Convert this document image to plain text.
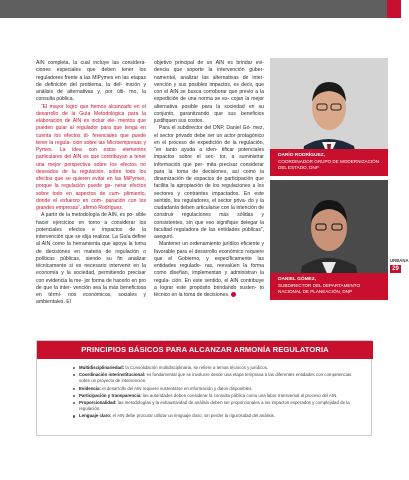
AIN completa, la cual incluye las considera- ciones especiales que deben tener los reguladores frente a las MiPymes en las etapas de definición del problema, la def- inición y análisis de alternativas y, por últi- mo, la consulta pública.

“El mayor logro que hemos alcanzado en el desarrollo de la Guía Metodológica para la elaboración de AIN es incluir ele- mentos que pueden guiar al regulador para que tenga en cuenta los efectos di- ferenciales que puede tener la regula- ción sobre las Microempresas y Pymes. La idea con estos elementos particulares del AIN es que contribuyan a tener una mejor perspectiva sobre los efectos no deseados de la regulación, sobre todo los efectos que se quieren evitar en las MiPymes, porque la regulación puede ge- nerar efectos sobre todo en aspectos de cum- plimiento, donde el esfuerzo en com- paración con los grandes empresas”, afirmó Rodríguez.

A partir de la metodología de AIN, es po- sible hacer ejercicios en torno a considerar los potenciales efectos e impactos de la intervención que se elija realizar. La Guía define al AIN como la herramienta que apoya la toma de decisiones en materia de regulación o políticas públicas, siendo su fin analizar técnicamente si es necesario intervenir en la economía y la sociedad, permitiendo precisar con evidencia la me- jor forma de hacerlo en pro de que la inter- vención sea la más beneficiosa en térmi- nos económicos, sociales y ambientales. El

objetivo principal de un AIN es brindar evi- dencia que soporte la intervención guber- namental, analizar las alternativas de inter- vención y sus posibles impactos, es decir, que con el AIN se busca corroborar que previo a la expedición de una norma se es- cojan la mejor alternativa posible para la sociedad en su conjunto, garantizando que sus beneficios justifiquen sus costos.

Para el subdirector del DNP, Daniel Gó- mez, el sector privado debe ser un actor protagónico en el proceso de expedición de la regulación, “en tanto ayuda a iden- tificar potenciales impactos sobre el sec- tor, a suministrar información que per- mita precisar considerar para la toma de decisiones, así como la dinamización de espacios de participación que facilita la apropiación de los regulaciones a los sectores y contrantes impactados. En este sentido, los reguladores, el sector priva- do y la ciudadanía deben articularse con la intención de construir regulaciones más sólidas y consistentes, sin que eso signifique delegar la facultad reguladora de las entidades públicas”, aseguró.

Mantener un ordenamiento jurídico eficiente y favorable para el desarrollo económico requiere que el Gobierno, y específicamente las entidades regulado- ras, reevalúen la forma como diseñan, implementan y administran la regula- ción. En este sentido, el AIN contribuye a lograr este propósito brindando susten- to técnico en la toma de decisiones.

DARÍO RODRÍGUEZ,
COORDINADOR GRUPO DE MODERNIZACIÓN DEL ESTADO, DNP
DANIEL GÓMEZ,
SUBDIRECTOR DEL DEPARTAMENTO NACIONAL DE PLANEACIÓN, DNP
URBANA
29
PRINCIPIOS BÁSICOS PARA ALCANZAR ARMONÍA REGULATORIA
Multidisciplinariedad: la Consolidación multidisciplinaria, se refiere a temas técnicos y jurídicos.
Coordinación interinstitucional: es fundamental que se involucre desde una etapa temprana a las diferentes entidades con competencias sobre un proyecto de intervención.
Evidencia: el desarrollo del AIN requiere sustentarse en información y datos disponibles.
Participación y transparencia: las autoridades deben considerar la consulta pública como una labor transversal al proceso del AIN.
Proporcionalidad: las metodologías y la exhaustividad de análisis deben ser proporcionales a los impactos esperados y complejidad de la regulación.
Lenguaje claro: el AIN debe procurar utilizar un lenguaje claro, sin perder la rigurosidad del análisis.
